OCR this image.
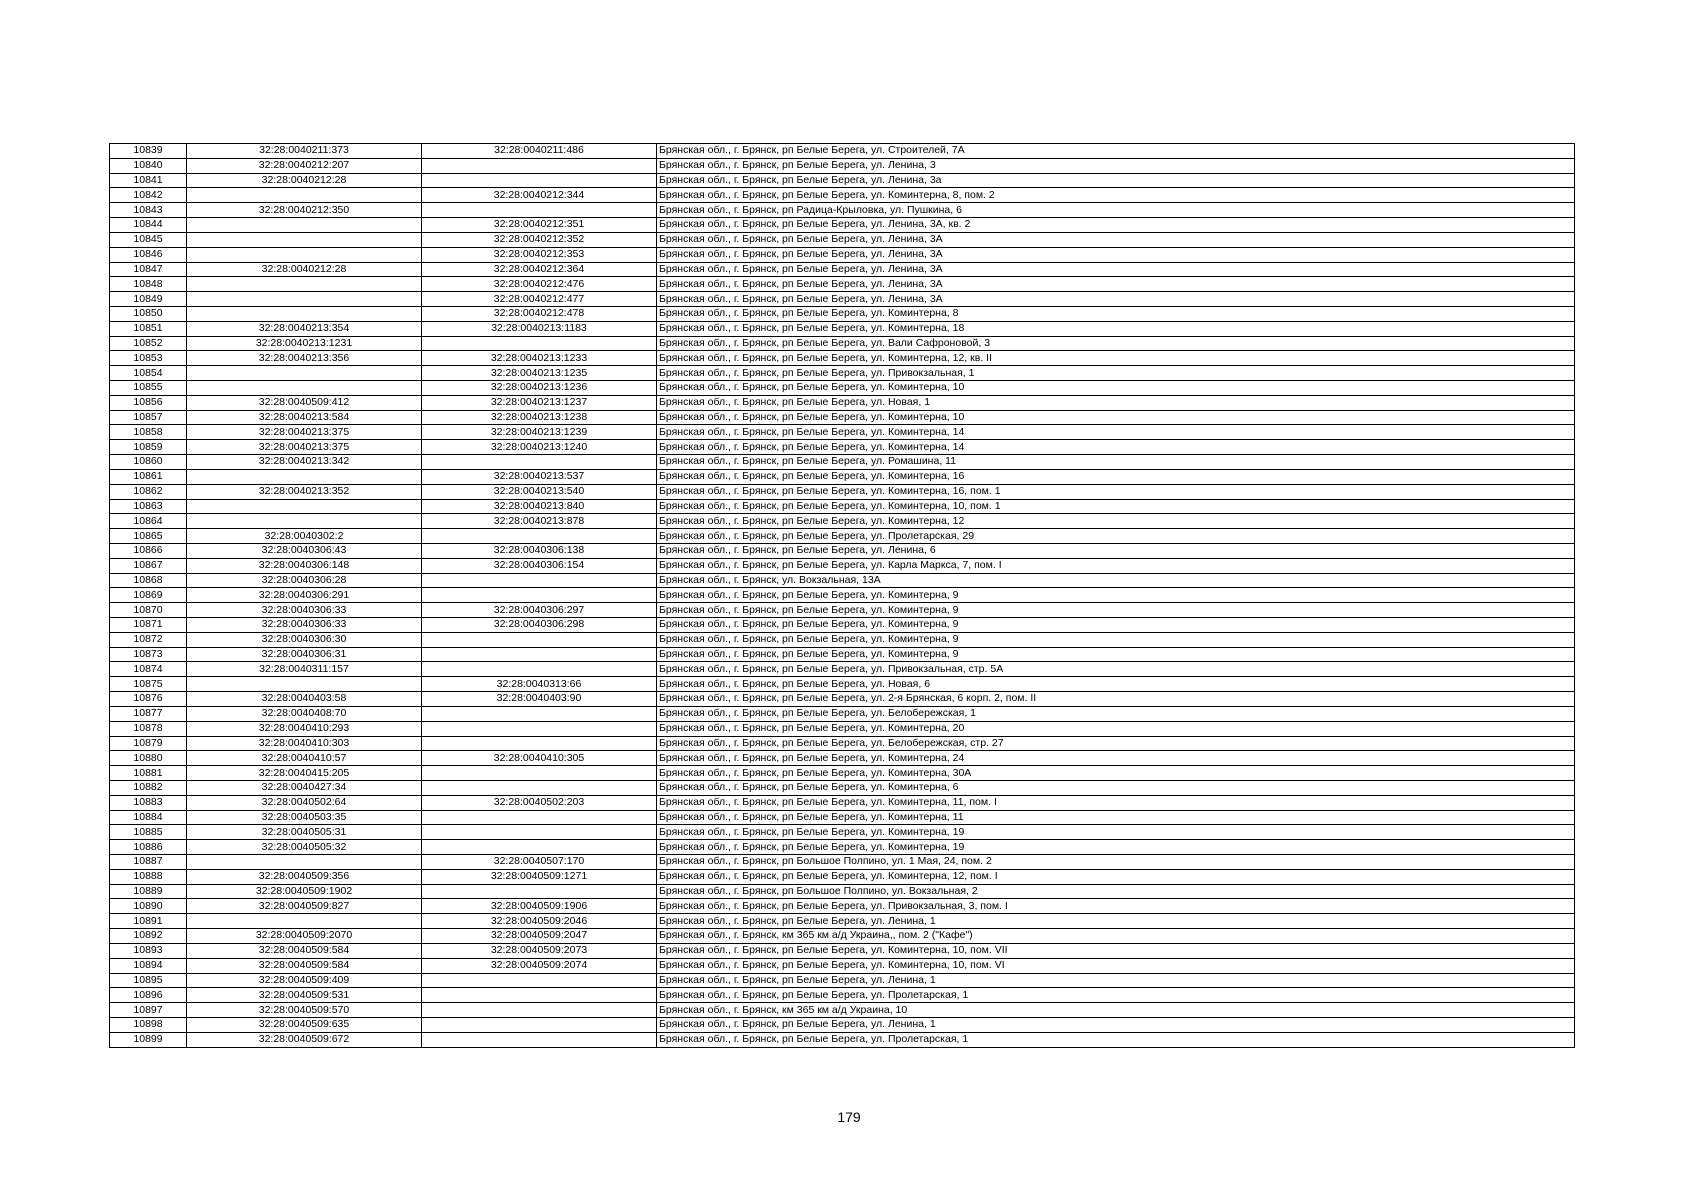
10839	32:28:0040211:373	32:28:0040211:486	Брянская обл., г. Брянск, рп Белые Берега, ул. Строителей, 7А
10840	32:28:0040212:207		Брянская обл., г. Брянск, рп Белые Берега, ул. Ленина, 3
10841	32:28:0040212:28		Брянская обл., г. Брянск, рп Белые Берега, ул. Ленина, 3а
10842		32:28:0040212:344	Брянская обл., г. Брянск, рп Белые Берега, ул. Коминтерна, 8, пом. 2
10843	32:28:0040212:350		Брянская обл., г. Брянск, рп Радица-Крыловка, ул. Пушкина, 6
10844		32:28:0040212:351	Брянская обл., г. Брянск, рп Белые Берега, ул. Ленина, 3А, кв. 2
10845		32:28:0040212:352	Брянская обл., г. Брянск, рп Белые Берега, ул. Ленина, 3А
10846		32:28:0040212:353	Брянская обл., г. Брянск, рп Белые Берега, ул. Ленина, 3А
10847	32:28:0040212:28	32:28:0040212:364	Брянская обл., г. Брянск, рп Белые Берега, ул. Ленина, 3А
10848		32:28:0040212:476	Брянская обл., г. Брянск, рп Белые Берега, ул. Ленина, 3А
10849		32:28:0040212:477	Брянская обл., г. Брянск, рп Белые Берега, ул. Ленина, 3А
10850		32:28:0040212:478	Брянская обл., г. Брянск, рп Белые Берега, ул. Коминтерна, 8
10851	32:28:0040213:354	32:28:0040213:1183	Брянская обл., г. Брянск, рп Белые Берега, ул. Коминтерна, 18
10852	32:28:0040213:1231		Брянская обл., г. Брянск, рп Белые Берега, ул. Вали Сафроновой, 3
10853	32:28:0040213:356	32:28:0040213:1233	Брянская обл., г. Брянск, рп Белые Берега, ул. Коминтерна, 12, кв. II
10854		32:28:0040213:1235	Брянская обл., г. Брянск, рп Белые Берега, ул. Привокзальная, 1
10855		32:28:0040213:1236	Брянская обл., г. Брянск, рп Белые Берега, ул. Коминтерна, 10
10856	32:28:0040509:412	32:28:0040213:1237	Брянская обл., г. Брянск, рп Белые Берега, ул. Новая, 1
10857	32:28:0040213:584	32:28:0040213:1238	Брянская обл., г. Брянск, рп Белые Берега, ул. Коминтерна, 10
10858	32:28:0040213:375	32:28:0040213:1239	Брянская обл., г. Брянск, рп Белые Берега, ул. Коминтерна, 14
10859	32:28:0040213:375	32:28:0040213:1240	Брянская обл., г. Брянск, рп Белые Берега, ул. Коминтерна, 14
10860	32:28:0040213:342		Брянская обл., г. Брянск, рп Белые Берега, ул. Ромашина, 11
10861		32:28:0040213:537	Брянская обл., г. Брянск, рп Белые Берега, ул. Коминтерна, 16
10862	32:28:0040213:352	32:28:0040213:540	Брянская обл., г. Брянск, рп Белые Берега, ул. Коминтерна, 16, пом. 1
10863		32:28:0040213:840	Брянская обл., г. Брянск, рп Белые Берега, ул. Коминтерна, 10, пом. 1
10864		32:28:0040213:878	Брянская обл., г. Брянск, рп Белые Берега, ул. Коминтерна, 12
10865	32:28:0040302:2		Брянская обл., г. Брянск, рп Белые Берега, ул. Пролетарская, 29
10866	32:28:0040306:43	32:28:0040306:138	Брянская обл., г. Брянск, рп Белые Берега, ул. Ленина, 6
10867	32:28:0040306:148	32:28:0040306:154	Брянская обл., г. Брянск, рп Белые Берега, ул. Карла Маркса, 7, пом. I
10868	32:28:0040306:28		Брянская обл., г. Брянск, ул. Вокзальная, 13А
10869	32:28:0040306:291		Брянская обл., г. Брянск, рп Белые Берега, ул. Коминтерна, 9
10870	32:28:0040306:33	32:28:0040306:297	Брянская обл., г. Брянск, рп Белые Берега, ул. Коминтерна, 9
10871	32:28:0040306:33	32:28:0040306:298	Брянская обл., г. Брянск, рп Белые Берега, ул. Коминтерна, 9
10872	32:28:0040306:30		Брянская обл., г. Брянск, рп Белые Берега, ул. Коминтерна, 9
10873	32:28:0040306:31		Брянская обл., г. Брянск, рп Белые Берега, ул. Коминтерна, 9
10874	32:28:0040311:157		Брянская обл., г. Брянск, рп Белые Берега, ул. Привокзальная, стр. 5А
10875		32:28:0040313:66	Брянская обл., г. Брянск, рп Белые Берега, ул. Новая, 6
10876	32:28:0040403:58	32:28:0040403:90	Брянская обл., г. Брянск, рп Белые Берега, ул. 2-я Брянская, 6 корп. 2, пом. II
10877	32:28:0040408:70		Брянская обл., г. Брянск, рп Белые Берега, ул. Белобережская, 1
10878	32:28:0040410:293		Брянская обл., г. Брянск, рп Белые Берега, ул. Коминтерна, 20
10879	32:28:0040410:303		Брянская обл., г. Брянск, рп Белые Берега, ул. Белобережская, стр. 27
10880	32:28:0040410:57	32:28:0040410:305	Брянская обл., г. Брянск, рп Белые Берега, ул. Коминтерна, 24
10881	32:28:0040415:205		Брянская обл., г. Брянск, рп Белые Берега, ул. Коминтерна, 30А
10882	32:28:0040427:34		Брянская обл., г. Брянск, рп Белые Берега, ул. Коминтерна, 6
10883	32:28:0040502:64	32:28:0040502:203	Брянская обл., г. Брянск, рп Белые Берега, ул. Коминтерна, 11, пом. I
10884	32:28:0040503:35		Брянская обл., г. Брянск, рп Белые Берега, ул. Коминтерна, 11
10885	32:28:0040505:31		Брянская обл., г. Брянск, рп Белые Берега, ул. Коминтерна, 19
10886	32:28:0040505:32		Брянская обл., г. Брянск, рп Белые Берега, ул. Коминтерна, 19
10887		32:28:0040507:170	Брянская обл., г. Брянск, рп Большое Полпино, ул. 1 Мая, 24, пом. 2
10888	32:28:0040509:356	32:28:0040509:1271	Брянская обл., г. Брянск, рп Белые Берега, ул. Коминтерна, 12, пом. I
10889	32:28:0040509:1902		Брянская обл., г. Брянск, рп Большое Полпино, ул. Вокзальная, 2
10890	32:28:0040509:827	32:28:0040509:1906	Брянская обл., г. Брянск, рп Белые Берега, ул. Привокзальная, 3, пом. I
10891		32:28:0040509:2046	Брянская обл., г. Брянск, рп Белые Берега, ул. Ленина, 1
10892	32:28:0040509:2070	32:28:0040509:2047	Брянская обл., г. Брянск, км 365 км а/д Украина,, пом. 2 ("Кафе")
10893	32:28:0040509:584	32:28:0040509:2073	Брянская обл., г. Брянск, рп Белые Берега, ул. Коминтерна, 10, пом. VII
10894	32:28:0040509:584	32:28:0040509:2074	Брянская обл., г. Брянск, рп Белые Берега, ул. Коминтерна, 10, пом. VI
10895	32:28:0040509:409		Брянская обл., г. Брянск, рп Белые Берега, ул. Ленина, 1
10896	32:28:0040509:531		Брянская обл., г. Брянск, рп Белые Берега, ул. Пролетарская, 1
10897	32:28:0040509:570		Брянская обл., г. Брянск, км 365 км а/д Украина, 10
10898	32:28:0040509:635		Брянская обл., г. Брянск, рп Белые Берега, ул. Ленина, 1
10899	32:28:0040509:672		Брянская обл., г. Брянск, рп Белые Берега, ул. Пролетарская, 1
179
